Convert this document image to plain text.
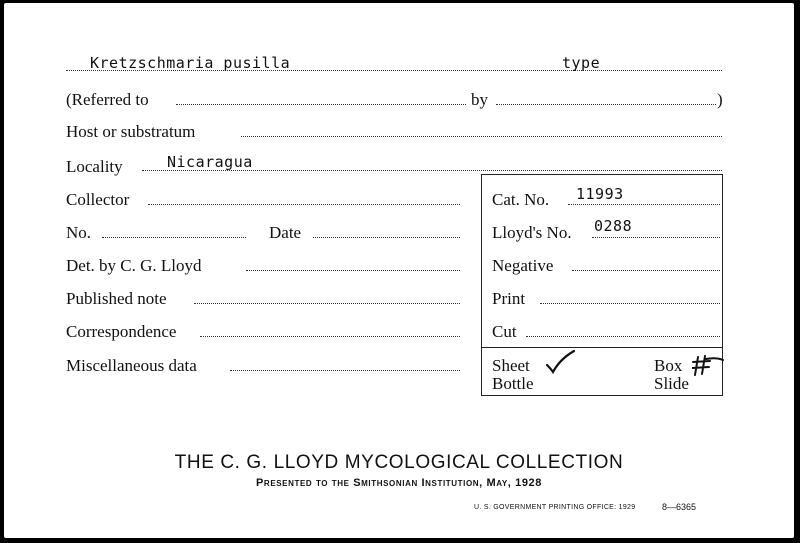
Kretzschmaria pusilla	type
(Referred to	by	)
Host or substratum
Locality	Nicaragua
Collector	Cat. No. 11993
No.	Date	Lloyd's No. 0288
Det. by C. G. Lloyd	Negative
Published note	Print
Correspondence	Cut
Miscellaneous data	Sheet	Box
Bottle	Slide
THE C. G. LLOYD MYCOLOGICAL COLLECTION
Presented to the Smithsonian Institution, May, 1928
U. S. GOVERNMENT PRINTING OFFICE: 1929	8—6365
